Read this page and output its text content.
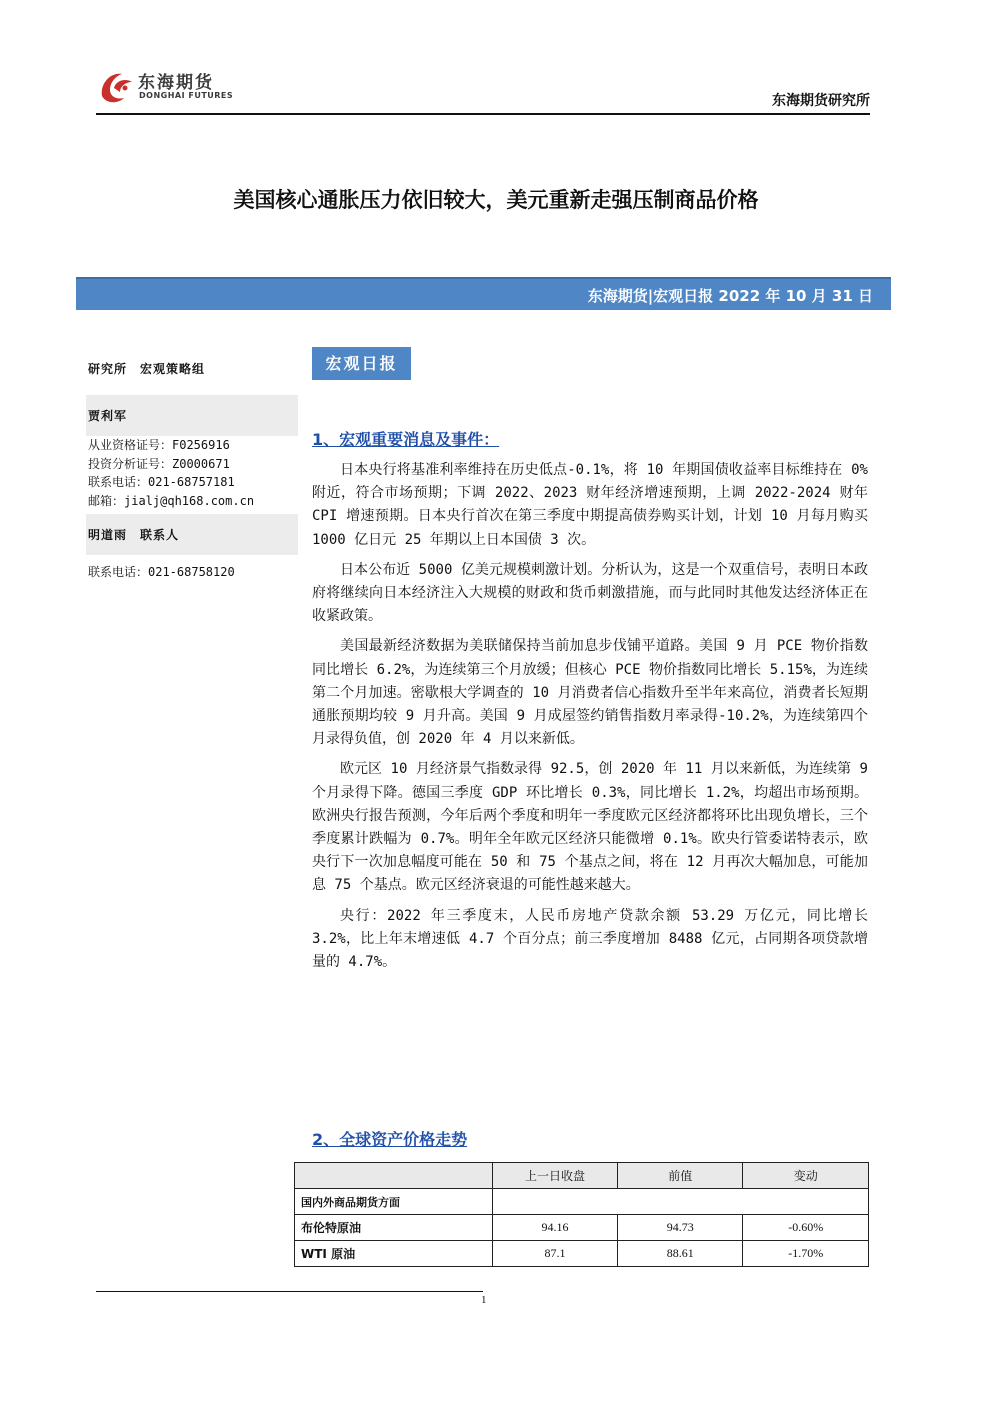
东海期货
DONGHAI FUTURES	东海期货研究所
美国核心通胀压力依旧较大，美元重新走强压制商品价格
东海期货|宏观日报 2022 年 10 月 31 日
研究所　宏观策略组
贾利军
从业资格证号：F0256916
投资分析证号：Z0000671
联系电话：021-68757181
邮箱：jialj@qh168.com.cn
明道雨　联系人
联系电话：021-68758120
宏观日报
1、宏观重要消息及事件：

日本央行将基准利率维持在历史低点-0.1%，将 10 年期国债收益率目标维持在 0%附近，符合市场预期；下调 2022、2023 财年经济增速预期，上调 2022-2024 财年 CPI 增速预期。日本央行首次在第三季度中期提高债券购买计划，计划 10 月每月购买 1000 亿日元 25 年期以上日本国债 3 次。

日本公布近 5000 亿美元规模刺激计划。分析认为，这是一个双重信号，表明日本政府将继续向日本经济注入大规模的财政和货币刺激措施，而与此同时其他发达经济体正在收紧政策。

美国最新经济数据为美联储保持当前加息步伐铺平道路。美国 9 月 PCE 物价指数同比增长 6.2%，为连续第三个月放缓；但核心 PCE 物价指数同比增长 5.15%，为连续第二个月加速。密歇根大学调查的 10 月消费者信心指数升至半年来高位，消费者长短期通胀预期均较 9 月升高。美国 9 月成屋签约销售指数月率录得-10.2%，为连续第四个月录得负值，创 2020 年 4 月以来新低。

欧元区 10 月经济景气指数录得 92.5，创 2020 年 11 月以来新低，为连续第 9 个月录得下降。德国三季度 GDP 环比增长 0.3%，同比增长 1.2%，均超出市场预期。欧洲央行报告预测，今年后两个季度和明年一季度欧元区经济都将环比出现负增长，三个季度累计跌幅为 0.7%。明年全年欧元区经济只能微增 0.1%。欧央行管委诺特表示，欧央行下一次加息幅度可能在 50 和 75 个基点之间，将在 12 月再次大幅加息，可能加息 75 个基点。欧元区经济衰退的可能性越来越大。

央行：2022 年三季度末，人民币房地产贷款余额 53.29 万亿元，同比增长 3.2%，比上年末增速低 4.7 个百分点；前三季度增加 8488 亿元，占同期各项贷款增量的 4.7%。

2、全球资产价格走势
	上一日收盘	前值	变动
国内外商品期货方面			
布伦特原油	94.16	94.73	-0.60%
WTI 原油	87.1	88.61	-1.70%
1
